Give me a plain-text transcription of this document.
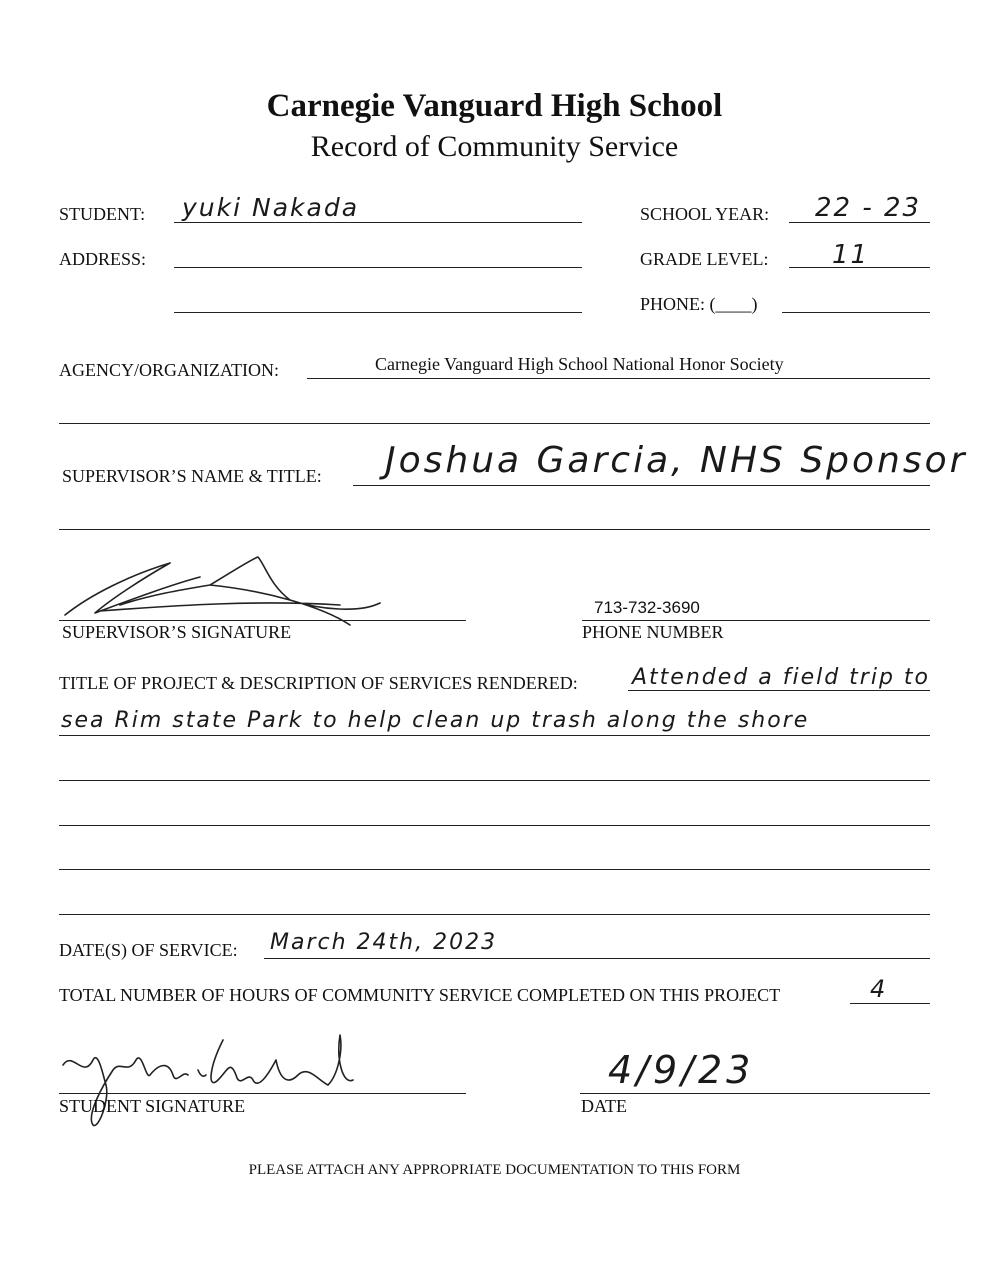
Carnegie Vanguard High School
Record of Community Service
STUDENT: yuki Nakada	SCHOOL YEAR: 22 - 23
ADDRESS:	GRADE LEVEL: 11
PHONE: (____)
AGENCY/ORGANIZATION:	Carnegie Vanguard High School National Honor Society
SUPERVISOR’S NAME & TITLE: Joshua Garcia, NHS Sponsor
SUPERVISOR’S SIGNATURE
713-732-3690
PHONE NUMBER
TITLE OF PROJECT & DESCRIPTION OF SERVICES RENDERED: Attended a field trip to
sea Rim state Park to help clean up trash along the shore
DATE(S) OF SERVICE: March 24th, 2023
TOTAL NUMBER OF HOURS OF COMMUNITY SERVICE COMPLETED ON THIS PROJECT	4
STUDENT SIGNATURE
4/9/23
DATE
PLEASE ATTACH ANY APPROPRIATE DOCUMENTATION TO THIS FORM
